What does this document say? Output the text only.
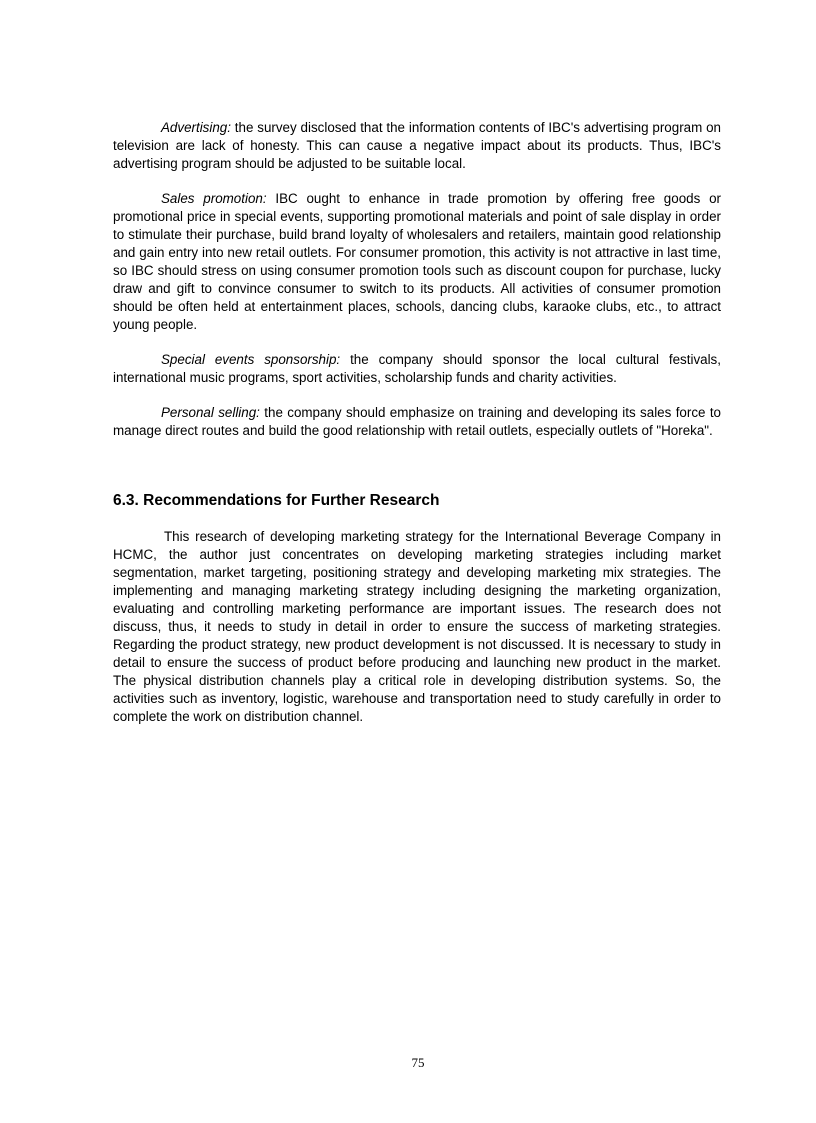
Advertising: the survey disclosed that the information contents of IBC's advertising program on television are lack of honesty. This can cause a negative impact about its products. Thus, IBC's advertising program should be adjusted to be suitable local.

Sales promotion: IBC ought to enhance in trade promotion by offering free goods or promotional price in special events, supporting promotional materials and point of sale display in order to stimulate their purchase, build brand loyalty of wholesalers and retailers, maintain good relationship and gain entry into new retail outlets. For consumer promotion, this activity is not attractive in last time, so IBC should stress on using consumer promotion tools such as discount coupon for purchase, lucky draw and gift to convince consumer to switch to its products. All activities of consumer promotion should be often held at entertainment places, schools, dancing clubs, karaoke clubs, etc., to attract young people.

Special events sponsorship: the company should sponsor the local cultural festivals, international music programs, sport activities, scholarship funds and charity activities.

Personal selling: the company should emphasize on training and developing its sales force to manage direct routes and build the good relationship with retail outlets, especially outlets of "Horeka".

6.3. Recommendations for Further Research

This research of developing marketing strategy for the International Beverage Company in HCMC, the author just concentrates on developing marketing strategies including market segmentation, market targeting, positioning strategy and developing marketing mix strategies. The implementing and managing marketing strategy including designing the marketing organization, evaluating and controlling marketing performance are important issues. The research does not discuss, thus, it needs to study in detail in order to ensure the success of marketing strategies. Regarding the product strategy, new product development is not discussed. It is necessary to study in detail to ensure the success of product before producing and launching new product in the market. The physical distribution channels play a critical role in developing distribution systems. So, the activities such as inventory, logistic, warehouse and transportation need to study carefully in order to complete the work on distribution channel.

75
